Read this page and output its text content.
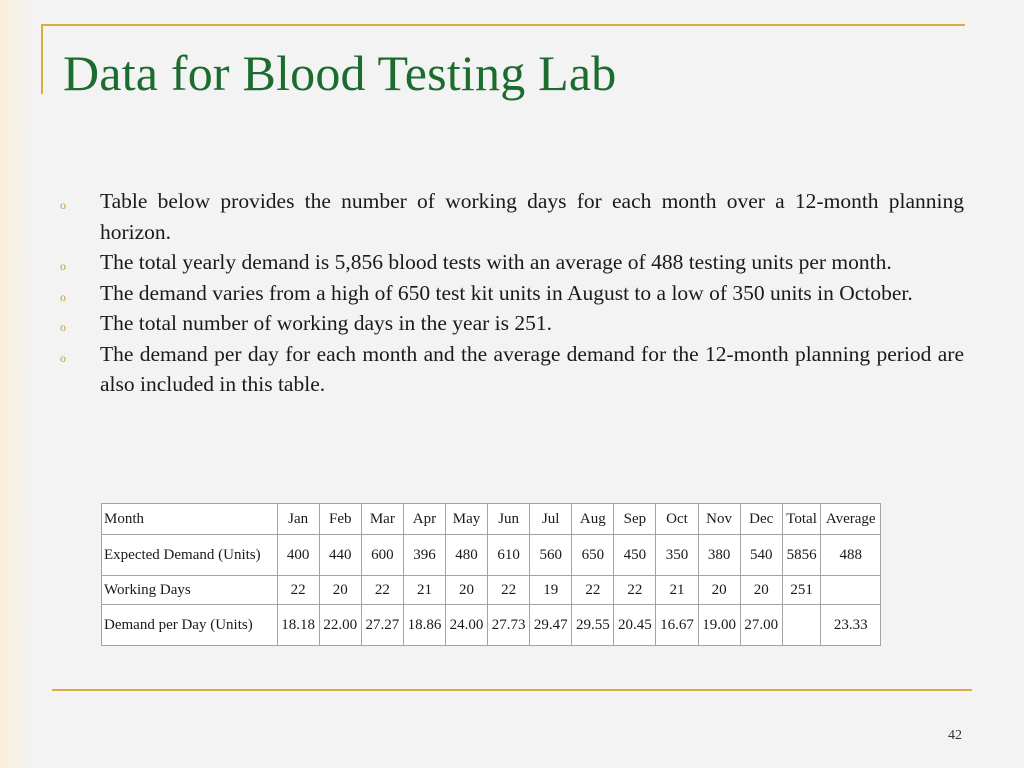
Data for Blood Testing Lab
o Table below provides the number of working days for each month over a 12-month planning horizon.
o The total yearly demand is 5,856 blood tests with an average of 488 testing units per month.
o The demand varies from a high of 650 test kit units in August to a low of 350 units in October.
o The total number of working days in the year is 251.
o The demand per day for each month and the average demand for the 12-month planning period are also included in this table.
Month	Jan	Feb	Mar	Apr	May	Jun	Jul	Aug	Sep	Oct	Nov	Dec	Total	Average
Expected Demand (Units)	400	440	600	396	480	610	560	650	450	350	380	540	5856	488
Working Days	22	20	22	21	20	22	19	22	22	21	20	20	251	
Demand per Day (Units)	18.18	22.00	27.27	18.86	24.00	27.73	29.47	29.55	20.45	16.67	19.00	27.00		23.33
42
